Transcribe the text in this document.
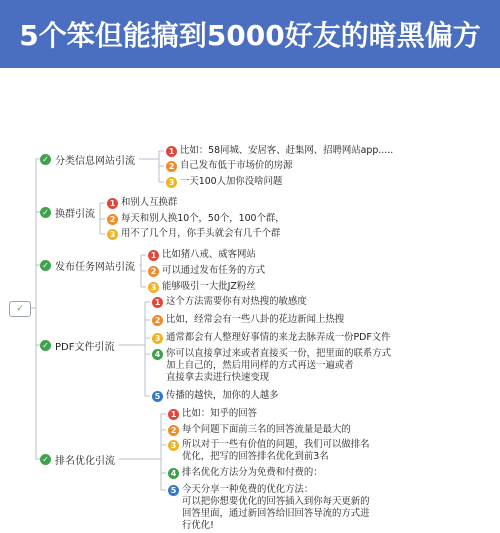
5个笨但能搞到5000好友的暗黑偏方
✓
✓ 分类信息网站引流
1 比如：58同城、安居客、赶集网、招聘网站app.....
2 自己发布低于市场价的房源
3 一天100人加你没啥问题
✓ 换群引流
1 和别人互换群
2 每天和别人换10个，50个，100个群，
3 用不了几个月，你手头就会有几千个群
✓ 发布任务网站引流
1 比如猪八戒、威客网站
2 可以通过发布任务的方式
3 能够吸引一大批JZ粉丝
✓ PDF文件引流
1 这个方法需要你有对热搜的敏感度
2 比如，经常会有一些八卦的花边新闻上热搜
3 通常都会有人整理好事情的来龙去脉弄成一份PDF文件
4 你可以直接拿过来或者直接买一份，把里面的联系方式
加上自己的，然后用同样的方式再送一遍或者
直接拿去卖进行快速变现
5 传播的越快，加你的人越多
✓ 排名优化引流
1 比如：知乎的回答
2 每个问题下面前三名的回答流量是最大的
3 所以对于一些有价值的问题，我们可以做排名
优化，把写的回答排名优化到前3名
4 排名优化方法分为免费和付费的：
5 今天分享一种免费的优化方法：
可以把你想要优化的回答插入到你每天更新的
回答里面，通过新回答给旧回答导流的方式进
行优化!
